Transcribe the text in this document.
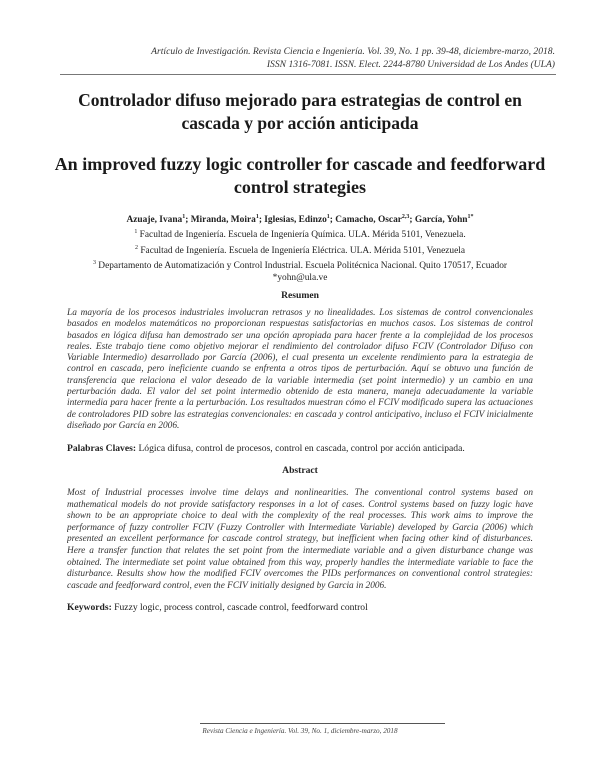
Artículo de Investigación. Revista Ciencia e Ingeniería. Vol. 39, No. 1 pp. 39-48, diciembre-marzo, 2018.
ISSN 1316-7081. ISSN. Elect. 2244-8780 Universidad de Los Andes (ULA)
Controlador difuso mejorado para estrategias de control en
cascada y por acción anticipada
An improved fuzzy logic controller for cascade and feedforward
control strategies
Azuaje, Ivana$^1$; Miranda, Moira$^1$; Iglesias, Edinzo$^1$; Camacho, Oscar$^{2,3}$; García, Yohn$^{1*}$
$^1$ Facultad de Ingeniería. Escuela de Ingeniería Química. ULA. Mérida 5101, Venezuela.
$^2$ Facultad de Ingeniería. Escuela de Ingeniería Eléctrica. ULA. Mérida 5101, Venezuela
$^3$ Departamento de Automatización y Control Industrial. Escuela Politécnica Nacional. Quito 170517, Ecuador
*yohn@ula.ve
Resumen
La mayoría de los procesos industriales involucran retrasos y no linealidades. Los sistemas de control convencionales
basados en modelos matemáticos no proporcionan respuestas satisfactorias en muchos casos. Los sistemas de control
basados en lógica difusa han demostrado ser una opción apropiada para hacer frente a la complejidad de los procesos
reales. Este trabajo tiene como objetivo mejorar el rendimiento del controlador difuso FCIV (Controlador Difuso con
Variable Intermedio) desarrollado por García (2006), el cual presenta un excelente rendimiento para la estrategia de
control en cascada, pero ineficiente cuando se enfrenta a otros tipos de perturbación. Aquí se obtuvo una función de
transferencia que relaciona el valor deseado de la variable intermedia (set point intermedio) y un cambio en una
perturbación dada. El valor del set point intermedio obtenido de esta manera, maneja adecuadamente la variable
intermedia para hacer frente a la perturbación. Los resultados muestran cómo el FCIV modificado supera las actuaciones
de controladores PID sobre las estrategias convencionales: en cascada y control anticipativo, incluso el FCIV inicialmente
diseñado por García en 2006.
Palabras Claves: Lógica difusa, control de procesos, control en cascada, control por acción anticipada.
Abstract
Most of Industrial processes involve time delays and nonlinearities. The conventional control systems based on
mathematical models do not provide satisfactory responses in a lot of cases. Control systems based on fuzzy logic have
shown to be an appropriate choice to deal with the complexity of the real processes. This work aims to improve the
performance of fuzzy controller FCIV (Fuzzy Controller with Intermediate Variable) developed by Garcia (2006) which
presented an excellent performance for cascade control strategy, but inefficient when facing other kind of disturbances.
Here a transfer function that relates the set point from the intermediate variable and a given disturbance change was
obtained. The intermediate set point value obtained from this way, properly handles the intermediate variable to face the
disturbance. Results show how the modified FCIV overcomes the PIDs performances on conventional control strategies:
cascade and feedforward control, even the FCIV initially designed by Garcia in 2006.
Keywords: Fuzzy logic, process control, cascade control, feedforward control
Revista Ciencia e Ingeniería. Vol. 39, No. 1, diciembre-marzo, 2018
